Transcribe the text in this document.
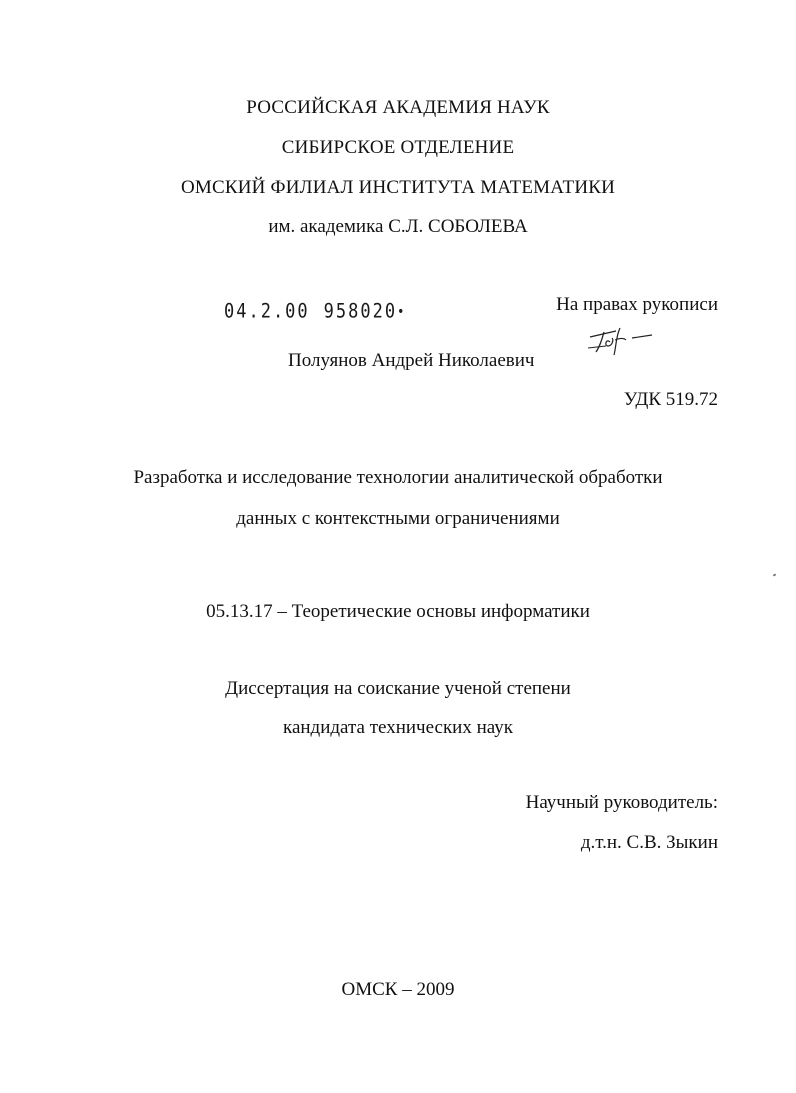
РОССИЙСКАЯ АКАДЕМИЯ НАУК
СИБИРСКОЕ ОТДЕЛЕНИЕ
ОМСКИЙ ФИЛИАЛ ИНСТИТУТА МАТЕМАТИКИ
им. академика С.Л. СОБОЛЕВА
04.2.00 958020•	На правах рукописи
Полуянов Андрей Николаевич
УДК 519.72
Разработка и исследование технологии аналитической обработки
данных с контекстными ограничениями
05.13.17 – Теоретические основы информатики
Диссертация на соискание ученой степени
кандидата технических наук
Научный руководитель:
д.т.н. С.В. Зыкин
ОМСК – 2009
